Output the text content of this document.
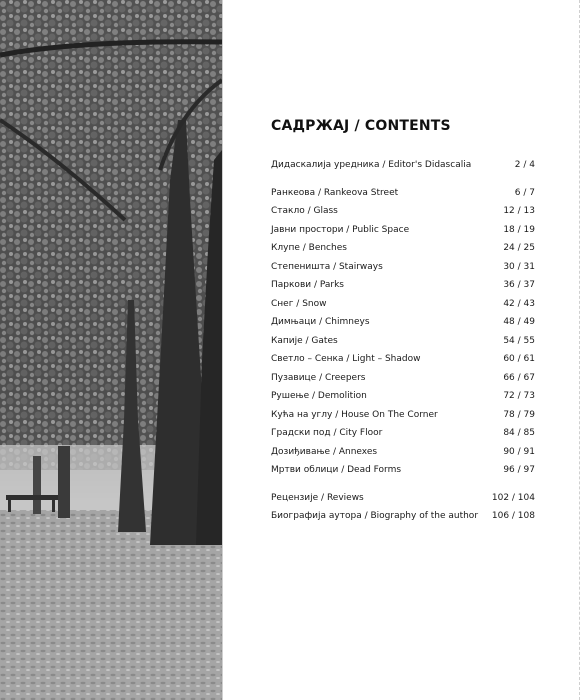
САДРЖАЈ / CONTENTS
Дидаскалија уредника / Editor's Didascalia	2 / 4
Ранкеова / Rankeova Street	6 / 7
Стакло / Glass	12 / 13
Јавни простори / Public Space	18 / 19
Клупе / Benches	24 / 25
Степеништа / Stairways	30 / 31
Паркови / Parks	36 / 37
Снег / Snow	42 / 43
Димњаци / Chimneys	48 / 49
Капије / Gates	54 / 55
Светло – Сенка / Light – Shadow	60 / 61
Пузавице / Creepers	66 / 67
Рушење / Demolition	72 / 73
Кућа на углу / House On The Corner	78 / 79
Градски под / City Floor	84 / 85
Дозиђивање / Annexes	90 / 91
Мртви облици / Dead Forms	96 / 97
Рецензије / Reviews	102 / 104
Биографија аутора / Biography of the author 106 / 108
